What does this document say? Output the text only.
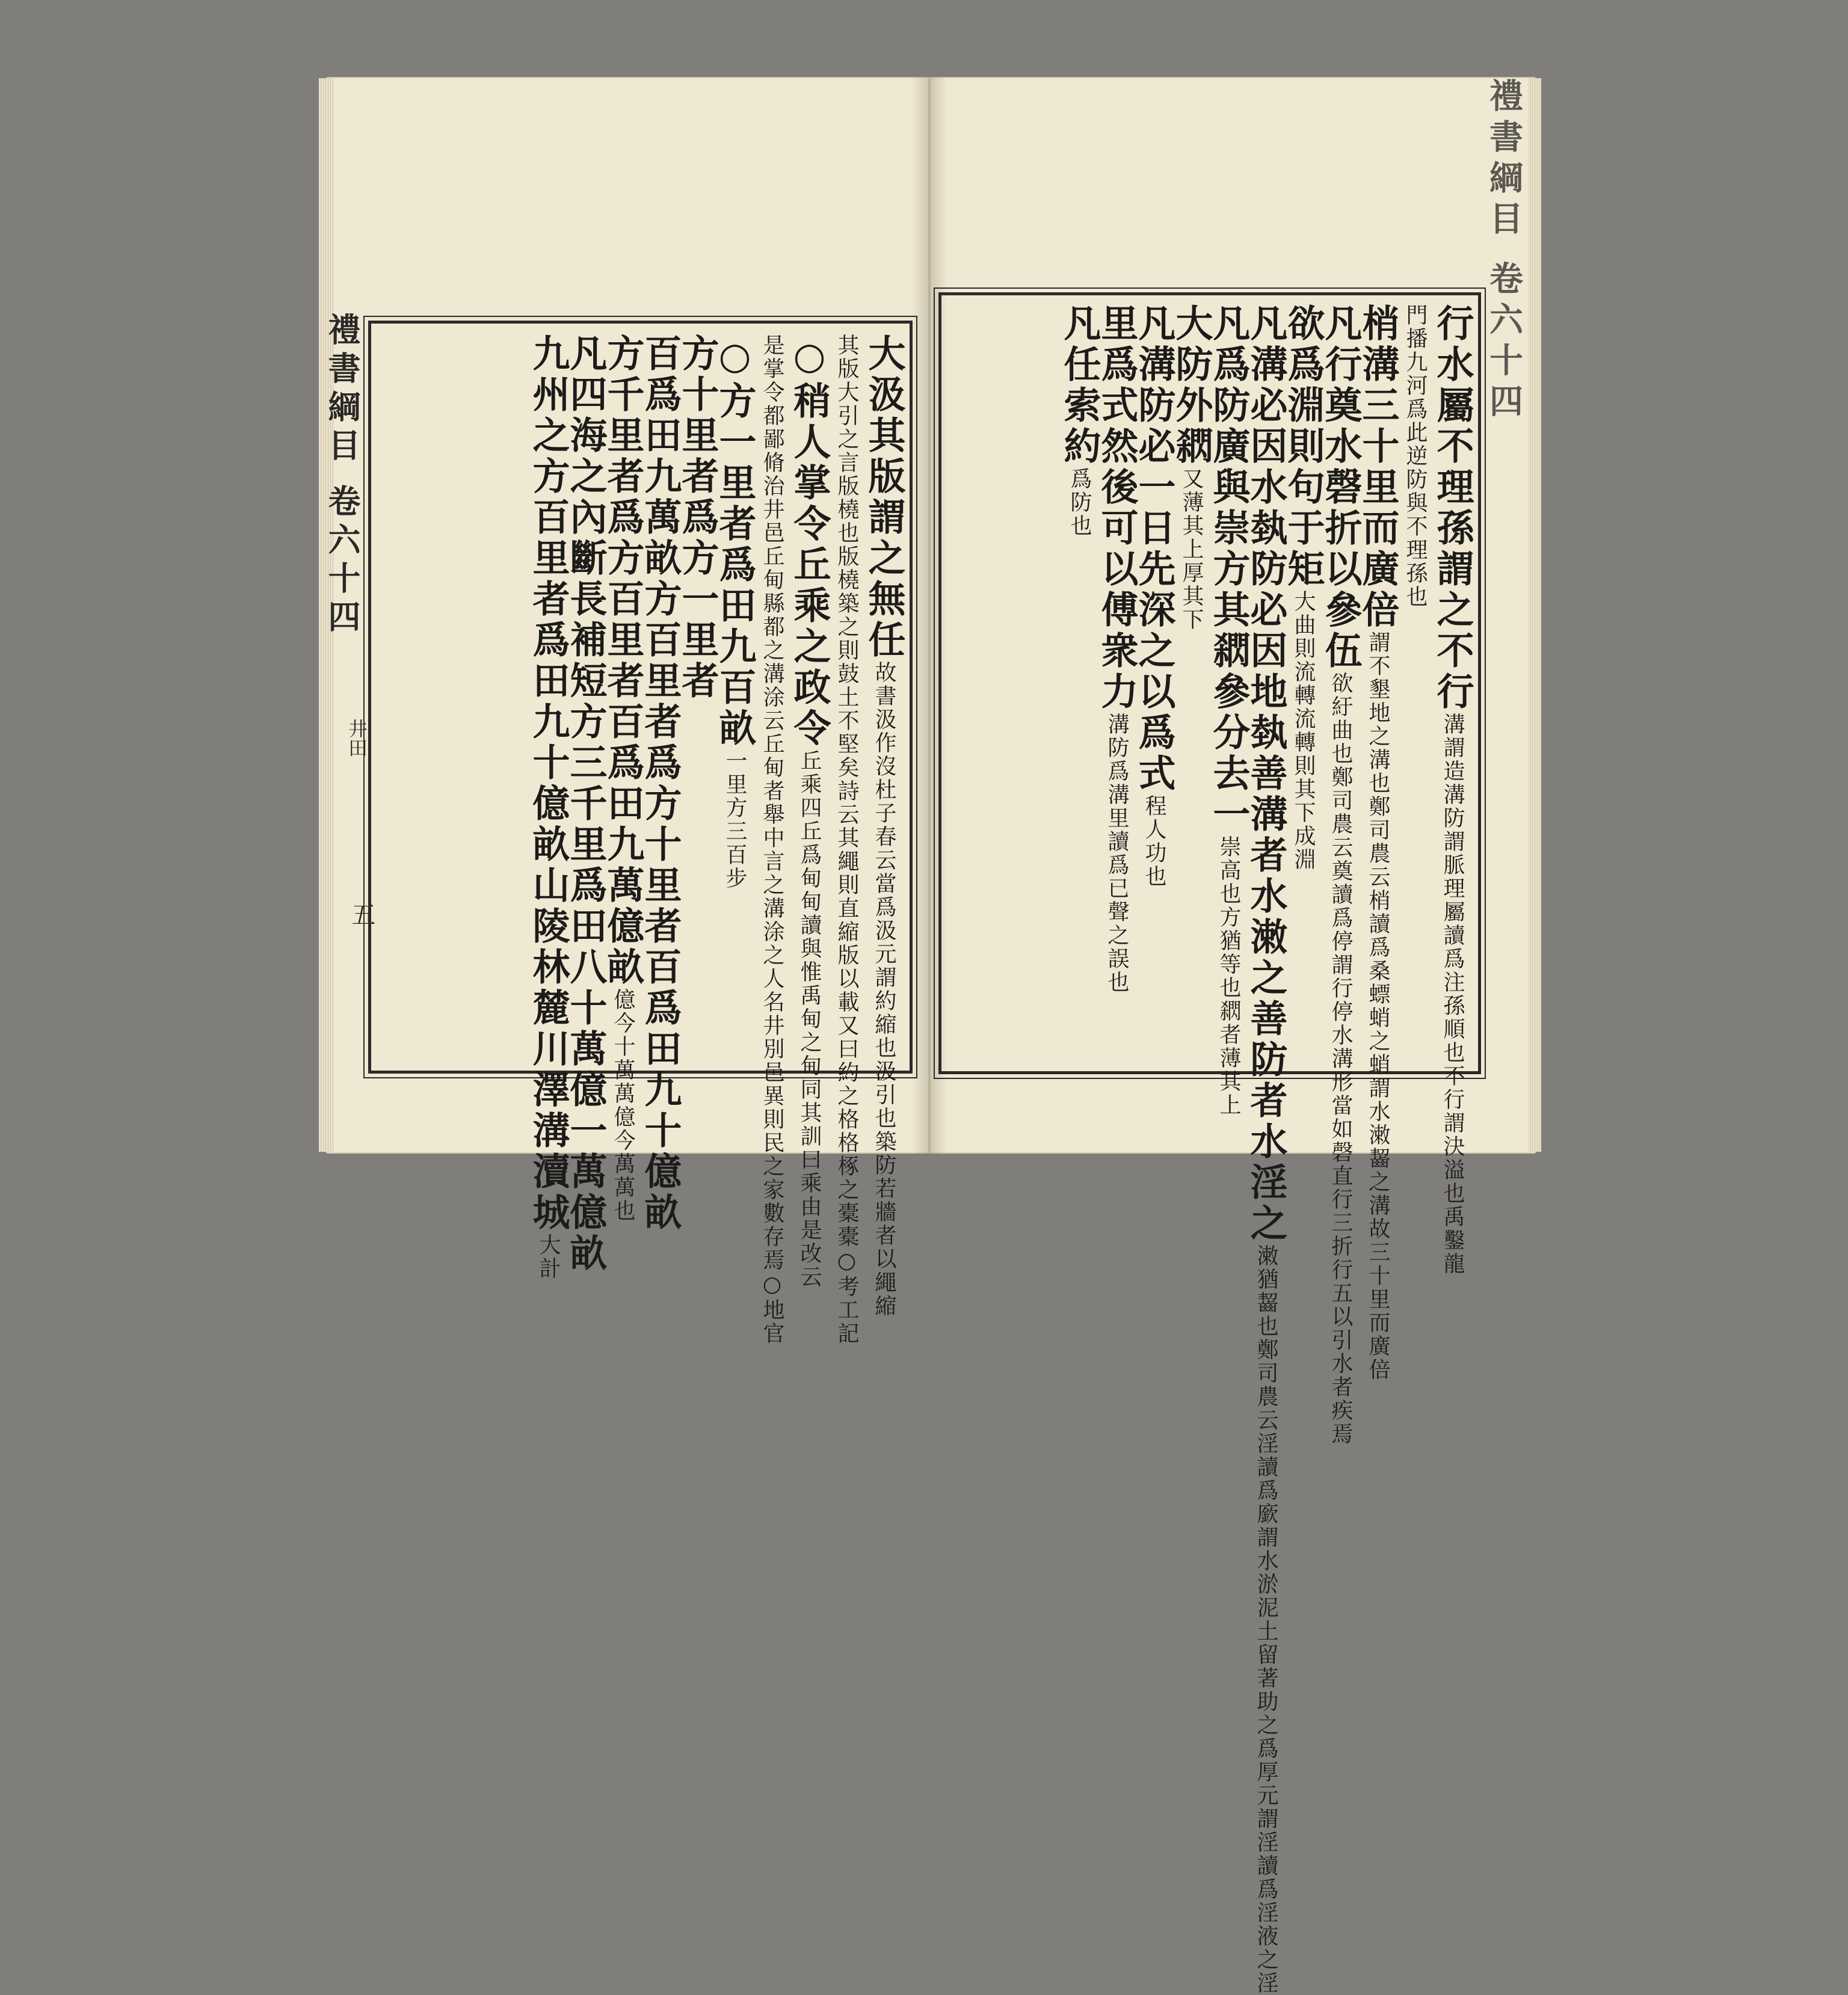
禮書綱目 卷六十四
井田
五
禮書綱目 卷六十四
大汲其版謂之無任故書汲作沒杜子春云當爲汲元謂約縮也汲引也築防若牆者以繩縮
其版大引之言版橈也版橈築之則鼓土不堅矣詩云其繩則直縮版以載又曰約之格格椓之橐橐○考工記
○稍人掌令丘乘之政令丘乘四丘爲甸甸讀與惟禹甸之甸同其訓曰乘由是改云
是掌令都鄙脩治井邑丘甸縣都之溝涂云丘甸者舉中言之溝涂之人名井別邑異則民之家數存焉○地官
○方一里者爲田九百畝一里方三百步
方十里者爲方一里者
百爲田九萬畝方百里者爲方十里者百爲田九十億畝
方千里者爲方百里者百爲田九萬億畝億今十萬萬億今萬萬也
凡四海之內斷長補短方三千里爲田八十萬億一萬億畝
九州之方百里者爲田九十億畝山陵林麓川澤溝瀆城大計
行水屬不理孫謂之不行溝謂造溝防謂脈理屬讀爲注孫順也不行謂決溢也禹鑿龍
門播九河爲此逆防與不理孫也
梢溝三十里而廣倍謂不墾地之溝也鄭司農云梢讀爲桑螵蛸之蛸謂水潄齧之溝故三十里而廣倍
凡行奠水磬折以參伍欲紆曲也鄭司農云奠讀爲停謂行停水溝形當如磬直行三折行五以引水者疾焉
欲爲淵則句于矩大曲則流轉流轉則其下成淵
凡溝必因水埶防必因地埶善溝者水潄之善防者水淫之潄猶齧也鄭司農云淫讀爲廞謂水淤泥土留著助之爲厚元謂淫讀爲淫液之淫
凡爲防廣與崇方其閷參分去一崇高也方猶等也閷者薄其上
大防外閷又薄其上厚其下
凡溝防必一日先深之以爲式程人功也
里爲式然後可以傅衆力溝防爲溝里讀爲已聲之誤也
凡任索約爲防也
